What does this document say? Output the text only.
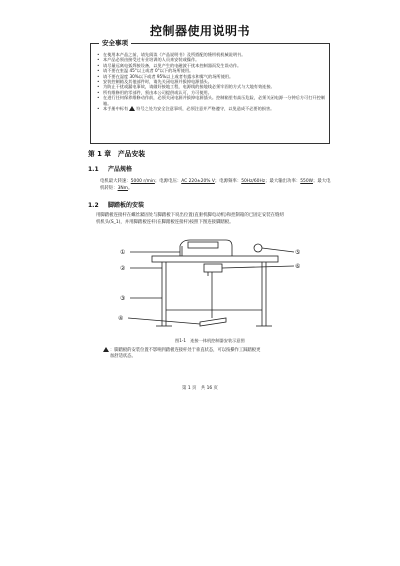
控制器使用说明书
安全事项
• 在使用本产品之前，请先阅读《产品说明书》及所搭配的缝纫机机械说明书。
• 本产品必须由接受过专业培训的人员来安装或操作。
• 请尽量远离电弧焊接设备，以免产生的电磁波干扰本控制器而发生误动作。
• 请不要在室温 45°以上或者 0°以下的场所使用。
• 请不要在湿度 30%以下或者 95%以上或者有露水和雾气的场所使用。
• 安装控制箱及其他部件时，请先关闭电源并拔掉电源插头。
• 为防止干扰或漏电事故，请做好接地工程，电源线的接地线必须牢固的方式与大地有效连接。
• 所有维修用的零部件，须由本公司提供或认可，方可使用。
• 在进行任何保养维修动作前，必须关闭电源并拔掉电源插头。控制箱里有高压危险，必须关闭电源一分钟后方可打开控制箱。
• 本手册中标有 符号之处为安全注意事项，必须注意并严格遵守，以免造成不必要的损害。
第 1 章　产品安装
1.1 产品规格
电机最大转速：5000 r/min；电源电压：AC 220±20% V；电源频率：50Hz/60Hz；最大输出功率：550W；最大电机转矩：3Nm。
1.2 脚踏板的安装
用脚踏板连接杆在螺丝紧固处与脚踏板下说出位置(直驱机脚电动机)和控制箱的已固定安装在缝纫
机机头(S_1)，并用脚踏板连杆(在脚踏板连接杆)按照下图连接脚踏板。
①
②
③
④
⑤
⑥
图1-1　连接一体机控制器安装示意图
：脚踏板的安装位置不影响到踏板连接杆处于垂直状态，可以按操作工踩踏板更
加舒适状态。
第 1 页　共 16 页
